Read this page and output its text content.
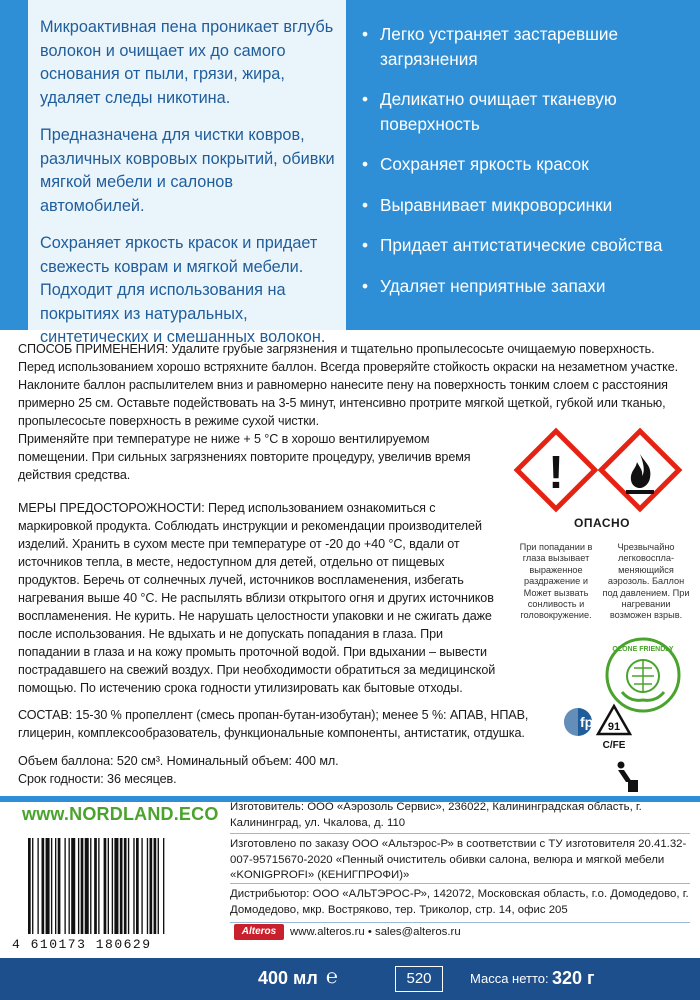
Микроактивная пена проникает вглубь волокон и очищает их до самого основания от пыли, грязи, жира, удаляет следы никотина.

Предназначена для чистки ковров, различных ковровых покрытий, обивки мягкой мебели и салонов автомобилей.

Сохраняет яркость красок и придает свежесть коврам и мягкой мебели. Подходит для использования на покрытиях из натуральных, синтетических и смешанных волокон.

• Легко устраняет застаревшие загрязнения
• Деликатно очищает тканевую поверхность
• Сохраняет яркость красок
• Выравнивает микроворсинки
• Придает антистатические свойства
• Удаляет неприятные запахи
СПОСОБ ПРИМЕНЕНИЯ: Удалите грубые загрязнения и тщательно пропылесосьте очищаемую поверхность. Перед использованием хорошо встряхните баллон. Всегда проверяйте стойкость окраски на незаметном участке. Наклоните баллон распылителем вниз и равномерно нанесите пену на поверхность тонким слоем с расстояния примерно 25 см. Оставьте подействовать на 3-5 минут, интенсивно протрите мягкой щеткой, губкой или тканью, пропылесосьте поверхность в режиме сухой чистки.
Применяйте при температуре не ниже + 5 °С в хорошо вентилируемом помещении. При сильных загрязнениях повторите процедуру, увеличив время действия средства.	!
ОПАСНО
При попадании в глаза вызывает выраженное раздражение и Может вызвать сонливость и головокружение.
Чрезвычайно легковоспла-меняющийся аэрозоль. Баллон под давлением. При нагревании возможен взрыв.
МЕРЫ ПРЕДОСТОРОЖНОСТИ: Перед использованием ознакомиться с маркировкой продукта. Соблюдать инструкции и рекомендации производителей изделий. Хранить в сухом месте при температуре от -20 до +40 °С, вдали от источников тепла, в месте, недоступном для детей, отдельно от пищевых продуктов. Беречь от солнечных лучей, источников воспламенения, избегать нагревания выше 40 °С. Не распылять вблизи открытого огня и других источников воспламенения. Не курить. Не нарушать целостности упаковки и не сжигать даже после использования. Не вдыхать и не допускать попадания в глаза. При попадании в глаза и на кожу промыть проточной водой. При вдыхании – вывести пострадавшего на свежий воздух. При необходимости обратиться за медицинской помощью. По истечению срока годности утилизировать как бытовые отходы.
OZONE FRIENDLY
СОСТАВ: 15-30 % пропеллент (смесь пропан-бутан-изобутан); менее 5 %: АПАВ, НПАВ, глицерин, комплексообразователь, функциональные компоненты, антистатик, отдушка.
fp 91
C/FE
Объем баллона: 520 см³. Номинальный объем: 400 мл.
Срок годности: 36 месяцев.
www.NORDLAND.ECO Изготовитель: ООО «Аэрозоль Сервис», 236022, Калининградская область, г. Калининград, ул. Чкалова, д. 110
Изготовлено по заказу ООО «Альтэрос-Р» в соответствии с ТУ изготовителя 20.41.32-007-95715670-2020 «Пенный очиститель обивки салона, велюра и мягкой мебели «KONIGPROFI» (КЕНИГПРОФИ)»
Дистрибьютор: ООО «АЛЬТЭРОС-Р», 142072, Московская область, г.о. Домодедово, г. Домодедово, мкр. Востряково, тер. Триколор, стр. 14, офис 205
4 610173 180629
Alteros	www.alteros.ru • sales@alteros.ru
400 мл ℮	520	Масса нетто: 320 г
